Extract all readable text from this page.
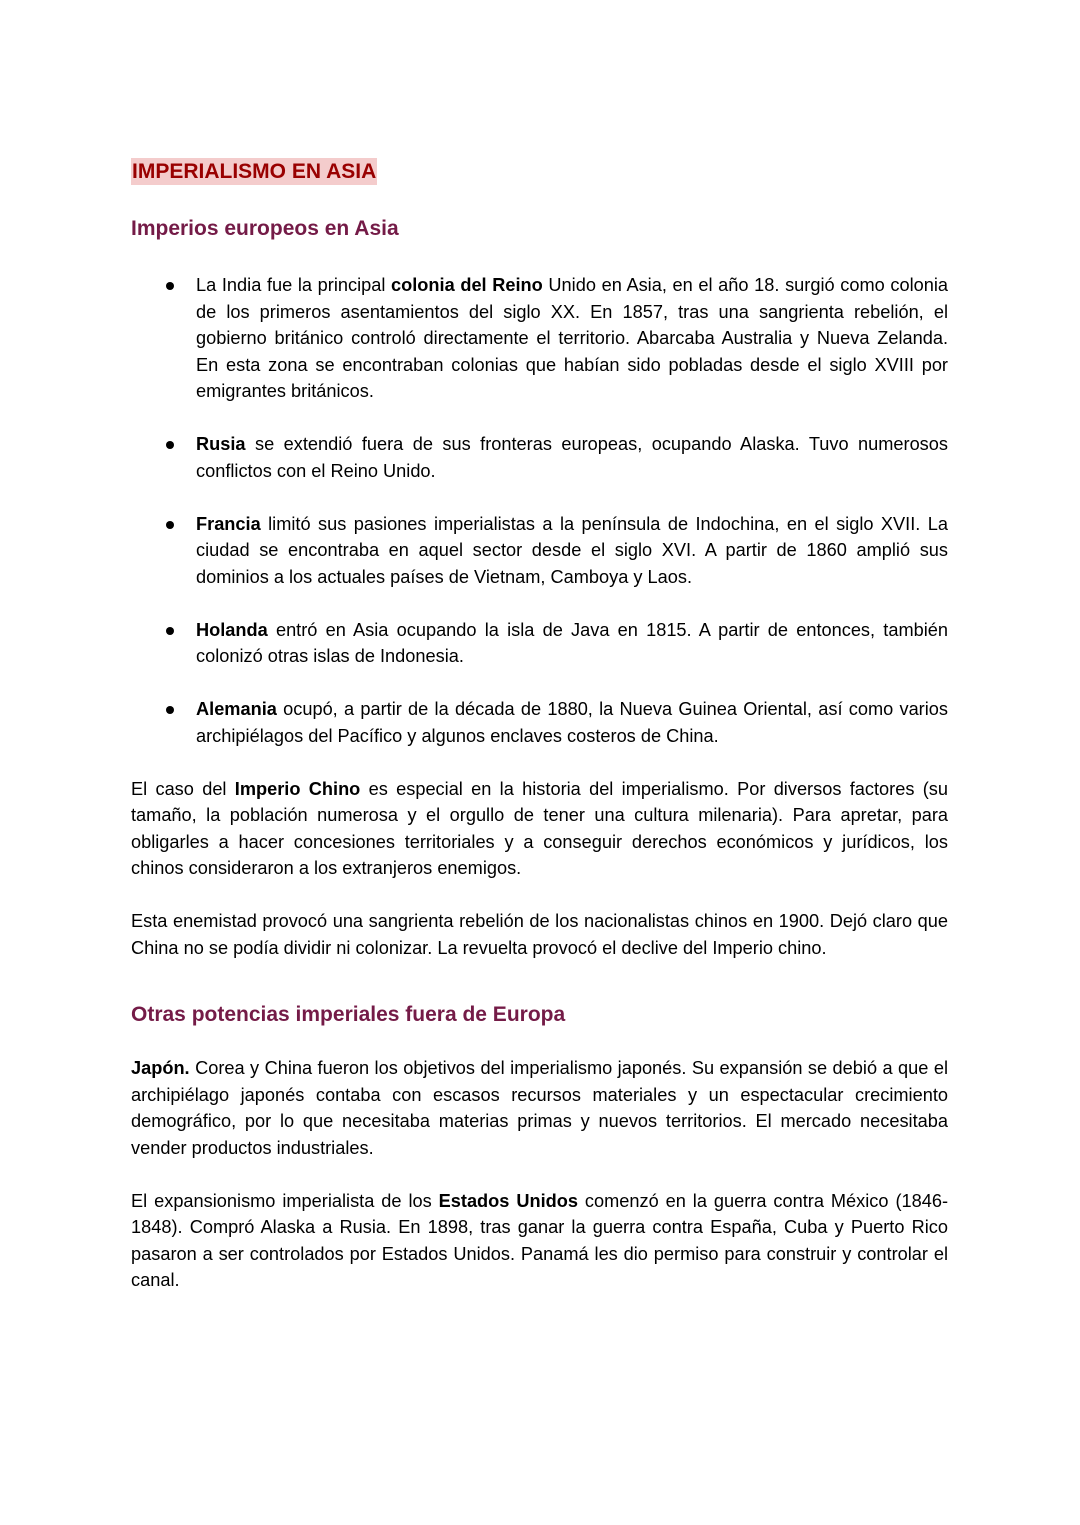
IMPERIALISMO EN ASIA
Imperios europeos en Asia
La India fue la principal colonia del Reino Unido en Asia, en el año 18. surgió como colonia de los primeros asentamientos del siglo XX. En 1857, tras una sangrienta rebelión, el gobierno británico controló directamente el territorio. Abarcaba Australia y Nueva Zelanda. En esta zona se encontraban colonias que habían sido pobladas desde el siglo XVIII por emigrantes británicos.
Rusia se extendió fuera de sus fronteras europeas, ocupando Alaska. Tuvo numerosos conflictos con el Reino Unido.
Francia limitó sus pasiones imperialistas a la península de Indochina, en el siglo XVII. La ciudad se encontraba en aquel sector desde el siglo XVI. A partir de 1860 amplió sus dominios a los actuales países de Vietnam, Camboya y Laos.
Holanda entró en Asia ocupando la isla de Java en 1815. A partir de entonces, también colonizó otras islas de Indonesia.
Alemania ocupó, a partir de la década de 1880, la Nueva Guinea Oriental, así como varios archipiélagos del Pacífico y algunos enclaves costeros de China.

El caso del Imperio Chino es especial en la historia del imperialismo. Por diversos factores (su tamaño, la población numerosa y el orgullo de tener una cultura milenaria). Para apretar, para obligarles a hacer concesiones territoriales y a conseguir derechos económicos y jurídicos, los chinos consideraron a los extranjeros enemigos.

Esta enemistad provocó una sangrienta rebelión de los nacionalistas chinos en 1900. Dejó claro que China no se podía dividir ni colonizar. La revuelta provocó el declive del Imperio chino.

Otras potencias imperiales fuera de Europa

Japón. Corea y China fueron los objetivos del imperialismo japonés. Su expansión se debió a que el archipiélago japonés contaba con escasos recursos materiales y un espectacular crecimiento demográfico, por lo que necesitaba materias primas y nuevos territorios. El mercado necesitaba vender productos industriales.

El expansionismo imperialista de los Estados Unidos comenzó en la guerra contra México (1846-1848). Compró Alaska a Rusia. En 1898, tras ganar la guerra contra España, Cuba y Puerto Rico pasaron a ser controlados por Estados Unidos. Panamá les dio permiso para construir y controlar el canal.
